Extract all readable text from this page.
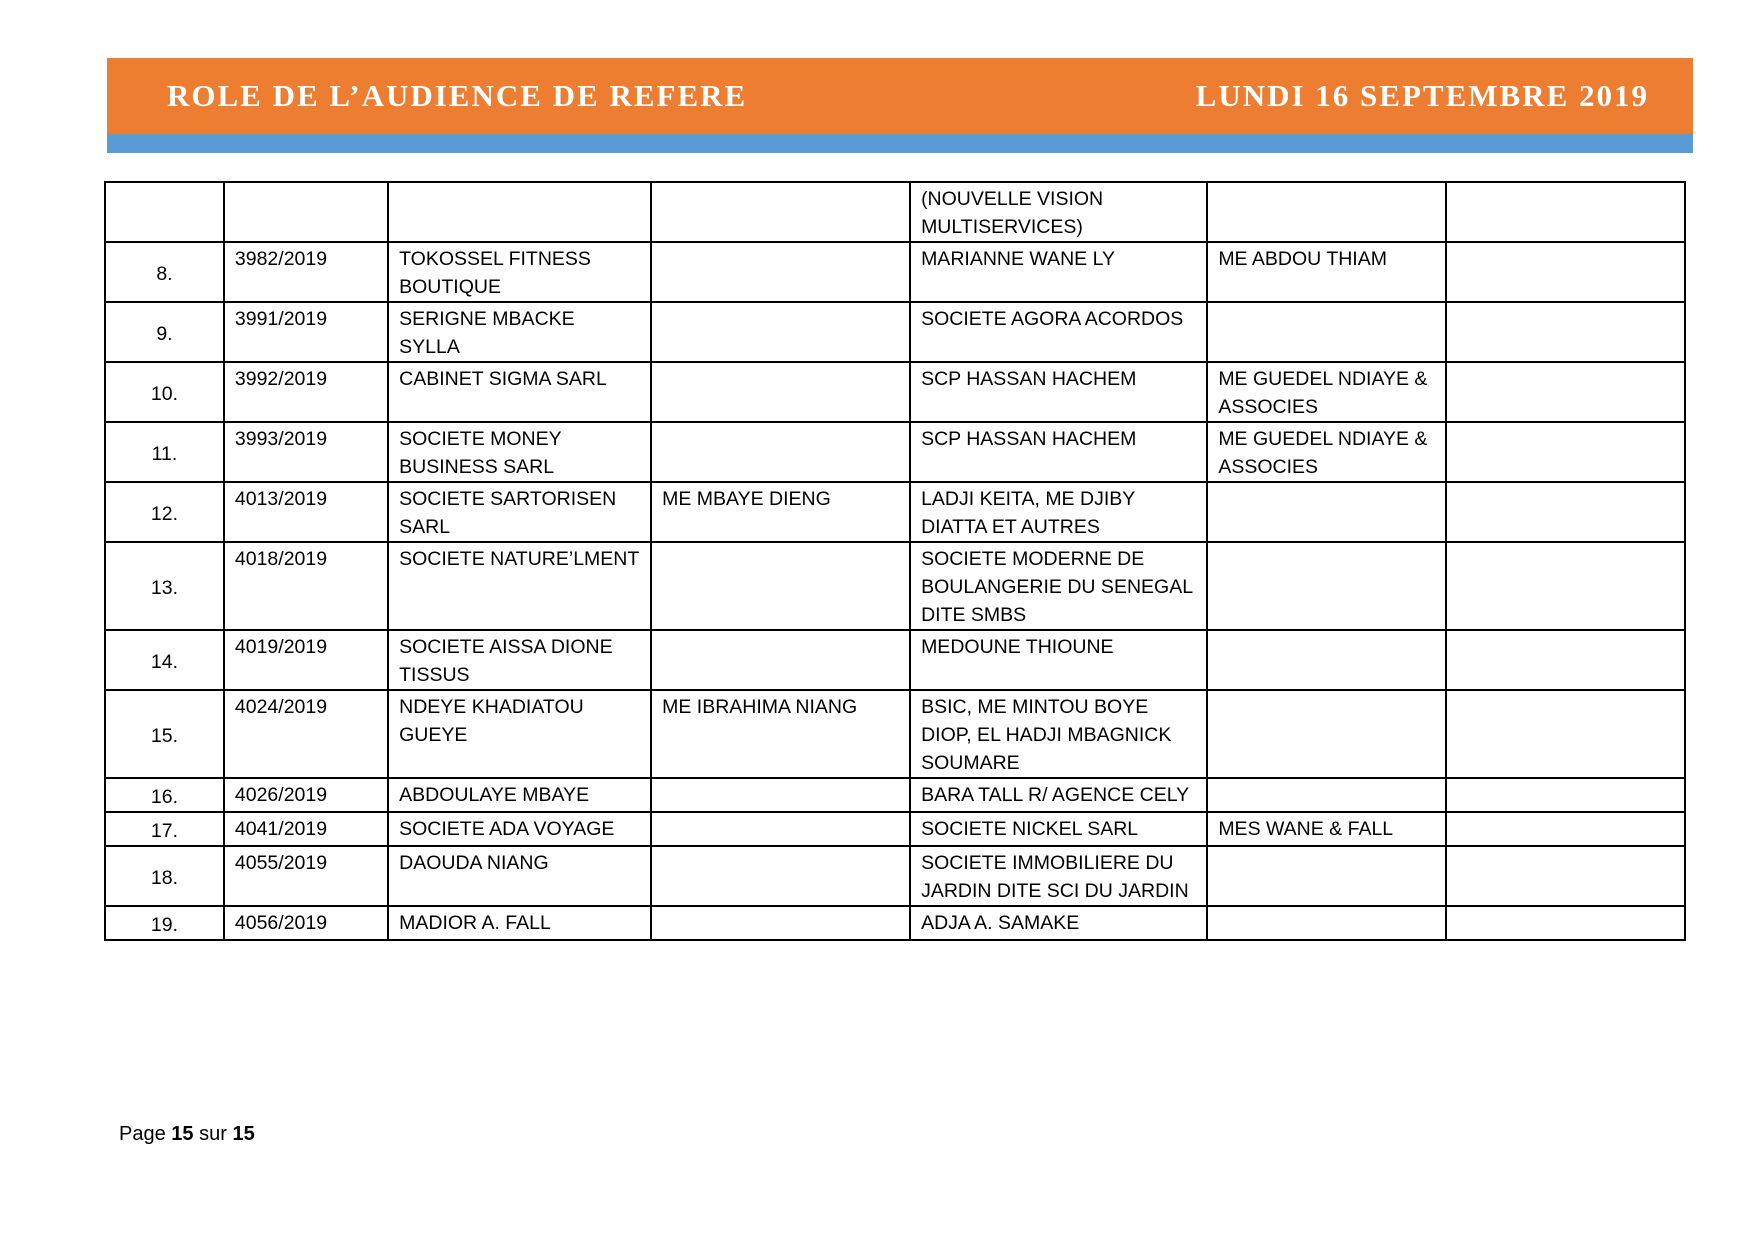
ROLE DE L’AUDIENCE DE REFERE	LUNDI 16 SEPTEMBRE 2019
				(NOUVELLE VISION MULTISERVICES)		
8.	3982/2019	TOKOSSEL FITNESS BOUTIQUE		MARIANNE WANE LY	ME ABDOU THIAM	
9.	3991/2019	SERIGNE MBACKE SYLLA		SOCIETE AGORA ACORDOS		
10.	3992/2019	CABINET SIGMA SARL		SCP HASSAN HACHEM	ME GUEDEL NDIAYE & ASSOCIES	
11.	3993/2019	SOCIETE MONEY BUSINESS SARL		SCP HASSAN HACHEM	ME GUEDEL NDIAYE & ASSOCIES	
12.	4013/2019	SOCIETE SARTORISEN SARL	ME MBAYE DIENG	LADJI KEITA, ME DJIBY DIATTA ET AUTRES		
13.	4018/2019	SOCIETE NATURE’LMENT		SOCIETE MODERNE DE BOULANGERIE DU SENEGAL DITE SMBS		
14.	4019/2019	SOCIETE AISSA DIONE TISSUS		MEDOUNE THIOUNE		
15.	4024/2019	NDEYE KHADIATOU GUEYE	ME IBRAHIMA NIANG	BSIC, ME MINTOU BOYE DIOP, EL HADJI MBAGNICK SOUMARE		
16.	4026/2019	ABDOULAYE MBAYE		BARA TALL R/ AGENCE CELY		
17.	4041/2019	SOCIETE ADA VOYAGE		SOCIETE NICKEL SARL	MES WANE & FALL	
18.	4055/2019	DAOUDA NIANG		SOCIETE IMMOBILIERE DU JARDIN DITE SCI DU JARDIN		
19.	4056/2019	MADIOR A. FALL		ADJA A. SAMAKE		
Page 15 sur 15
